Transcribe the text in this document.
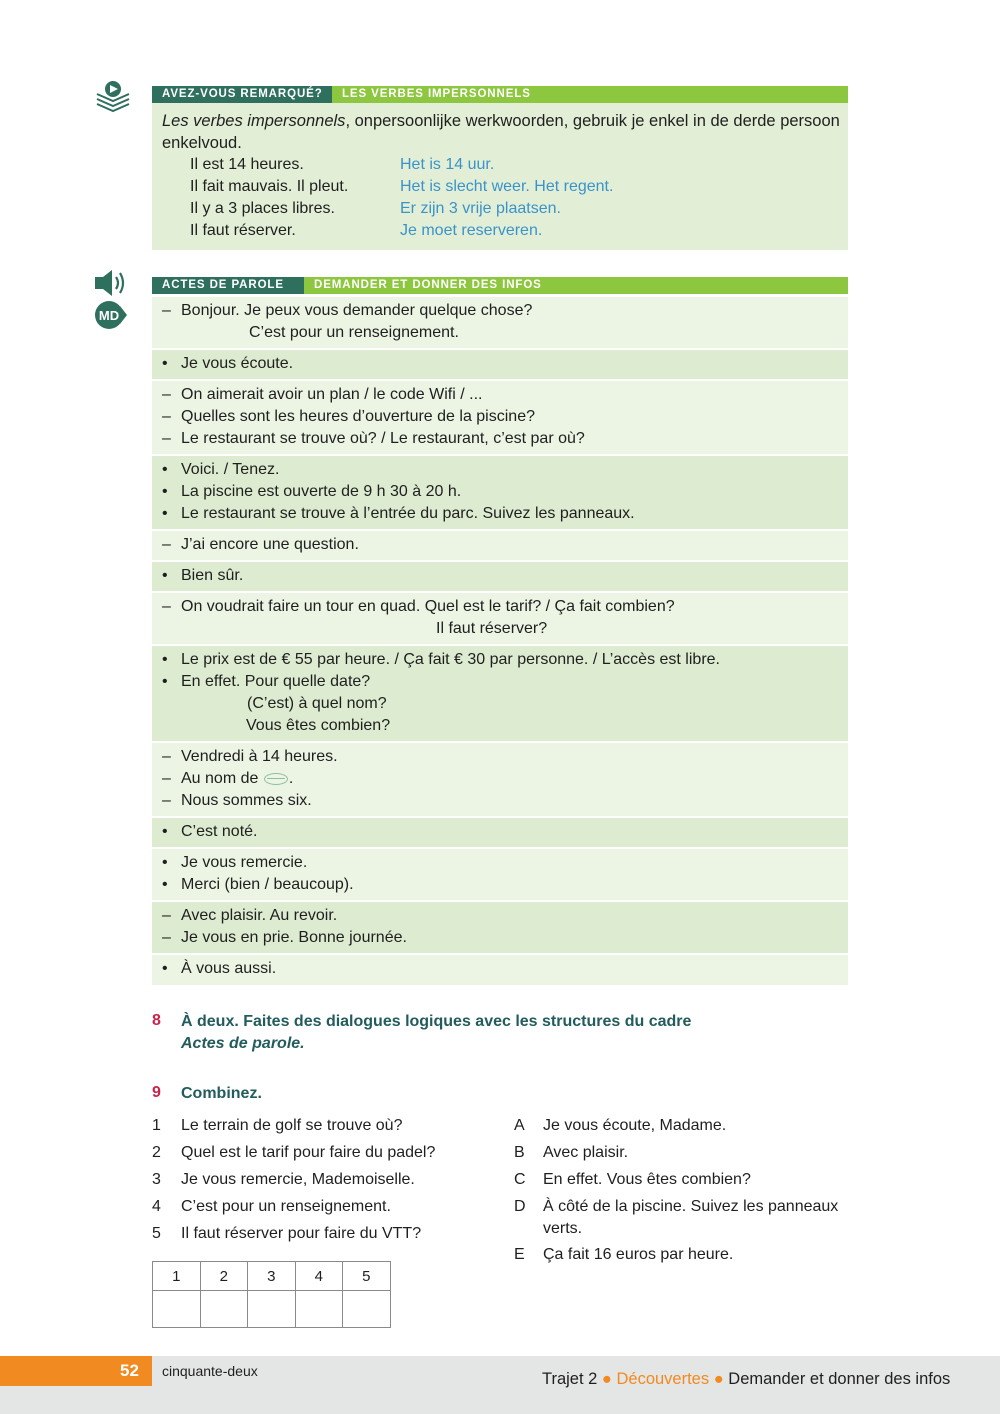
AVEZ-VOUS REMARQUÉ?	LES VERBES IMPERSONNELS
Les verbes impersonnels, onpersoonlijke werkwoorden, gebruik je enkel in de derde persoon
enkelvoud.
Il est 14 heures.	Het is 14 uur.
Il fait mauvais. Il pleut.	Het is slecht weer. Het regent.
Il y a 3 places libres.	Er zijn 3 vrije plaatsen.
Il faut réserver.	Je moet reserveren.
MD
ACTES DE PAROLE	DEMANDER ET DONNER DES INFOS
– Bonjour. Je peux vous demander quelque chose?
C’est pour un renseignement.
• Je vous écoute.
– On aimerait avoir un plan / le code Wifi / ...
– Quelles sont les heures d’ouverture de la piscine?
– Le restaurant se trouve où? / Le restaurant, c’est par où?
• Voici. / Tenez.
• La piscine est ouverte de 9 h 30 à 20 h.
• Le restaurant se trouve à l’entrée du parc. Suivez les panneaux.
– J’ai encore une question.
• Bien sûr.
– On voudrait faire un tour en quad. Quel est le tarif? / Ça fait combien?
Il faut réserver?
• Le prix est de € 55 par heure. / Ça fait € 30 par personne. / L’accès est libre.
• En effet. Pour quelle date?
(C’est) à quel nom?
Vous êtes combien?
– Vendredi à 14 heures.
– Au nom de .
– Nous sommes six.
• C’est noté.
• Je vous remercie.
• Merci (bien / beaucoup).
– Avec plaisir. Au revoir.
– Je vous en prie. Bonne journée.
• À vous aussi.
8 À deux. Faites des dialogues logiques avec les structures du cadre
Actes de parole.
9 Combinez.
1 Le terrain de golf se trouve où?
2 Quel est le tarif pour faire du padel?
3 Je vous remercie, Mademoiselle.
4 C’est pour un renseignement.
5 Il faut réserver pour faire du VTT?
A Je vous écoute, Madame.
B Avec plaisir.
C En effet. Vous êtes combien?
D À côté de la piscine. Suivez les panneaux
verts.
E Ça fait 16 euros par heure.
1	2	3	4	5

52 cinquante-deux	Trajet 2 ● Découvertes ● Demander et donner des infos
